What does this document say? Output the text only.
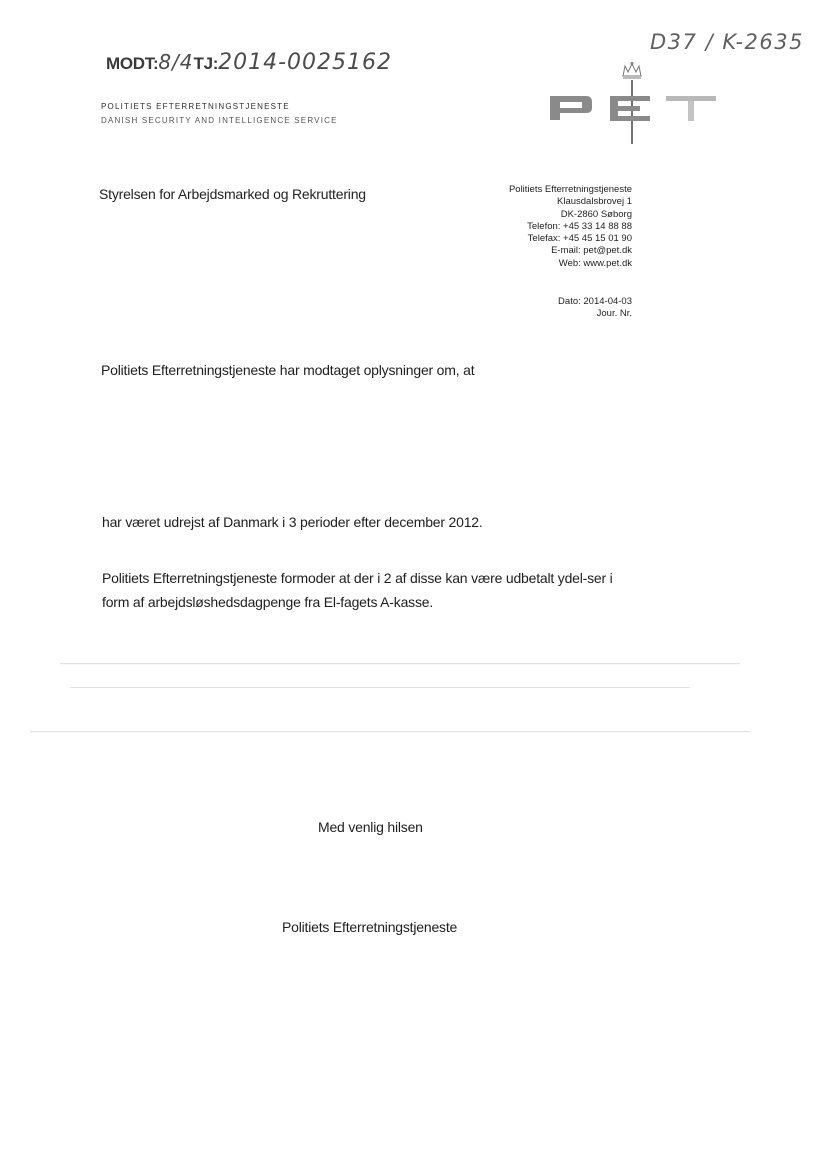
MODT: 8/4 TJ: 2014-0025162
D37 / K-2635
POLITIETS EFTERRETNINGSTJENESTE
DANISH SECURITY AND INTELLIGENCE SERVICE
Styrelsen for Arbejdsmarked og Rekruttering	Politiets Efterretningstjeneste
Klausdalsbrovej 1
DK-2860 Søborg
Telefon: +45 33 14 88 88
Telefax: +45 45 15 01 90
E-mail: pet@pet.dk
Web: www.pet.dk
Dato: 2014-04-03
Jour. Nr.
Politiets Efterretningstjeneste har modtaget oplysninger om, at
har været udrejst af Danmark i 3 perioder efter december 2012.
Politiets Efterretningstjeneste formoder at der i 2 af disse kan være udbetalt ydel-ser i form af arbejdsløshedsdagpenge fra El-fagets A-kasse.
Med venlig hilsen
Politiets Efterretningstjeneste
